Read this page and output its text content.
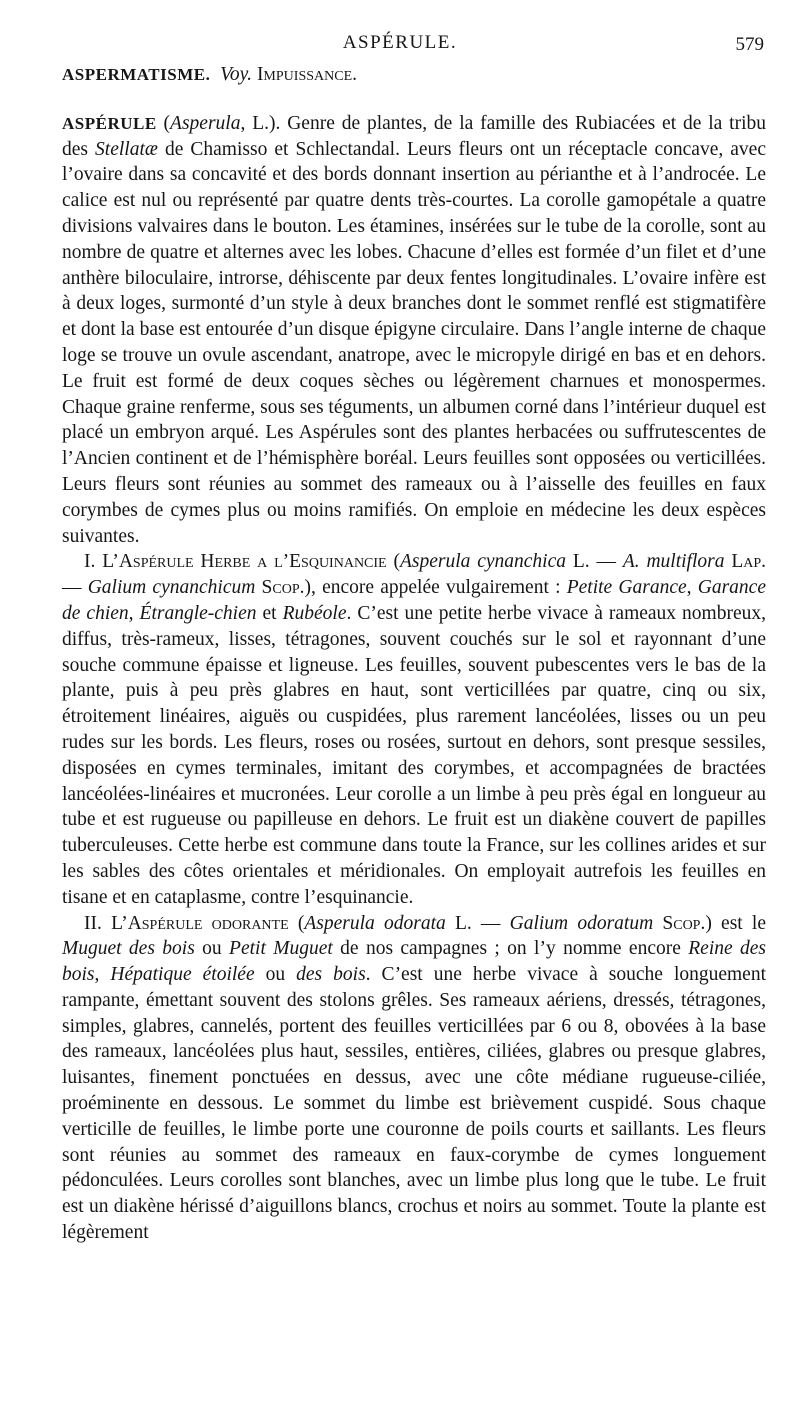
ASPÉRULE.	579

ASPERMATISME. Voy. Impuissance.

ASPÉRULE (Asperula, L.). Genre de plantes, de la famille des Rubiacées et de la tribu des Stellatæ de Chamisso et Schlectandal. Leurs fleurs ont un réceptacle concave, avec l’ovaire dans sa concavité et des bords donnant insertion au périanthe et à l’androcée. Le calice est nul ou représenté par quatre dents très-courtes. La corolle gamopétale a quatre divisions valvaires dans le bouton. Les étamines, insérées sur le tube de la corolle, sont au nombre de quatre et alternes avec les lobes. Chacune d’elles est formée d’un filet et d’une anthère biloculaire, introrse, déhiscente par deux fentes longitudinales. L’ovaire infère est à deux loges, surmonté d’un style à deux branches dont le sommet renflé est stigmatifère et dont la base est entourée d’un disque épigyne circulaire. Dans l’angle interne de chaque loge se trouve un ovule ascendant, anatrope, avec le micropyle dirigé en bas et en dehors. Le fruit est formé de deux coques sèches ou légèrement charnues et monospermes. Chaque graine renferme, sous ses téguments, un albumen corné dans l’intérieur duquel est placé un embryon arqué. Les Aspérules sont des plantes herbacées ou suffrutescentes de l’Ancien continent et de l’hémisphère boréal. Leurs feuilles sont opposées ou verticillées. Leurs fleurs sont réunies au sommet des rameaux ou à l’aisselle des feuilles en faux corymbes de cymes plus ou moins ramifiés. On emploie en médecine les deux espèces suivantes.

I. L’Aspérule Herbe a l’Esquinancie (Asperula cynanchica L. — A. multiflora Lap. — Galium cynanchicum Scop.), encore appelée vulgairement : Petite Garance, Garance de chien, Étrangle-chien et Rubéole. C’est une petite herbe vivace à rameaux nombreux, diffus, très-rameux, lisses, tétragones, souvent couchés sur le sol et rayonnant d’une souche commune épaisse et ligneuse. Les feuilles, souvent pubescentes vers le bas de la plante, puis à peu près glabres en haut, sont verticillées par quatre, cinq ou six, étroitement linéaires, aiguës ou cuspidées, plus rarement lancéolées, lisses ou un peu rudes sur les bords. Les fleurs, roses ou rosées, surtout en dehors, sont presque sessiles, disposées en cymes terminales, imitant des corymbes, et accompagnées de bractées lancéolées-linéaires et mucronées. Leur corolle a un limbe à peu près égal en longueur au tube et est rugueuse ou papilleuse en dehors. Le fruit est un diakène couvert de papilles tuberculeuses. Cette herbe est commune dans toute la France, sur les collines arides et sur les sables des côtes orientales et méridionales. On employait autrefois les feuilles en tisane et en cataplasme, contre l’esquinancie.

II. L’Aspérule odorante (Asperula odorata L. — Galium odoratum Scop.) est le Muguet des bois ou Petit Muguet de nos campagnes ; on l’y nomme encore Reine des bois, Hépatique étoilée ou des bois. C’est une herbe vivace à souche longuement rampante, émettant souvent des stolons grêles. Ses rameaux aériens, dressés, tétragones, simples, glabres, cannelés, portent des feuilles verticillées par 6 ou 8, obovées à la base des rameaux, lancéolées plus haut, sessiles, entières, ciliées, glabres ou presque glabres, luisantes, finement ponctuées en dessus, avec une côte médiane rugueuse-ciliée, proéminente en dessous. Le sommet du limbe est brièvement cuspidé. Sous chaque verticille de feuilles, le limbe porte une couronne de poils courts et saillants. Les fleurs sont réunies au sommet des rameaux en faux-corymbe de cymes longuement pédonculées. Leurs corolles sont blanches, avec un limbe plus long que le tube. Le fruit est un diakène hérissé d’aiguillons blancs, crochus et noirs au sommet. Toute la plante est légèrement
